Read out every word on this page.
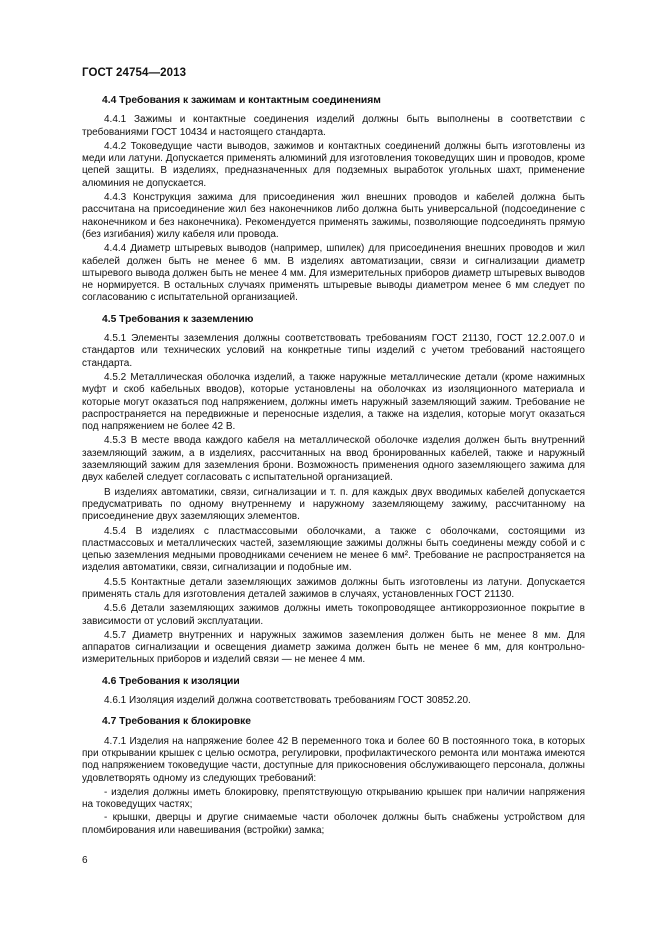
ГОСТ 24754—2013
4.4 Требования к зажимам и контактным соединениям
4.4.1 Зажимы и контактные соединения изделий должны быть выполнены в соответствии с требованиями ГОСТ 10434 и настоящего стандарта.
4.4.2 Токоведущие части выводов, зажимов и контактных соединений должны быть изготовлены из меди или латуни. Допускается применять алюминий для изготовления токоведущих шин и проводов, кроме цепей защиты. В изделиях, предназначенных для подземных выработок угольных шахт, применение алюминия не допускается.
4.4.3 Конструкция зажима для присоединения жил внешних проводов и кабелей должна быть рассчитана на присоединение жил без наконечников либо должна быть универсальной (подсоединение с наконечником и без наконечника). Рекомендуется применять зажимы, позволяющие подсоединять прямую (без изгибания) жилу кабеля или провода.
4.4.4 Диаметр штыревых выводов (например, шпилек) для присоединения внешних проводов и жил кабелей должен быть не менее 6 мм. В изделиях автоматизации, связи и сигнализации диаметр штыревого вывода должен быть не менее 4 мм. Для измерительных приборов диаметр штыревых выводов не нормируется. В остальных случаях применять штыревые выводы диаметром менее 6 мм следует по согласованию с испытательной организацией.
4.5 Требования к заземлению
4.5.1 Элементы заземления должны соответствовать требованиям ГОСТ 21130, ГОСТ 12.2.007.0 и стандартов или технических условий на конкретные типы изделий с учетом требований настоящего стандарта.
4.5.2 Металлическая оболочка изделий, а также наружные металлические детали (кроме нажимных муфт и скоб кабельных вводов), которые установлены на оболочках из изоляционного материала и которые могут оказаться под напряжением, должны иметь наружный заземляющий зажим. Требование не распространяется на передвижные и переносные изделия, а также на изделия, которые могут оказаться под напряжением не более 42 В.
4.5.3 В месте ввода каждого кабеля на металлической оболочке изделия должен быть внутренний заземляющий зажим, а в изделиях, рассчитанных на ввод бронированных кабелей, также и наружный заземляющий зажим для заземления брони. Возможность применения одного заземляющего зажима для двух кабелей следует согласовать с испытательной организацией.
В изделиях автоматики, связи, сигнализации и т. п. для каждых двух вводимых кабелей допускается предусматривать по одному внутреннему и наружному заземляющему зажиму, рассчитанному на присоединение двух заземляющих элементов.
4.5.4 В изделиях с пластмассовыми оболочками, а также с оболочками, состоящими из пластмассовых и металлических частей, заземляющие зажимы должны быть соединены между собой и с цепью заземления медными проводниками сечением не менее 6 мм². Требование не распространяется на изделия автоматики, связи, сигнализации и подобные им.
4.5.5 Контактные детали заземляющих зажимов должны быть изготовлены из латуни. Допускается применять сталь для изготовления деталей зажимов в случаях, установленных ГОСТ 21130.
4.5.6 Детали заземляющих зажимов должны иметь токопроводящее антикоррозионное покрытие в зависимости от условий эксплуатации.
4.5.7 Диаметр внутренних и наружных зажимов заземления должен быть не менее 8 мм. Для аппаратов сигнализации и освещения диаметр зажима должен быть не менее 6 мм, для контрольно-измерительных приборов и изделий связи — не менее 4 мм.
4.6 Требования к изоляции
4.6.1 Изоляция изделий должна соответствовать требованиям ГОСТ 30852.20.
4.7 Требования к блокировке
4.7.1 Изделия на напряжение более 42 В переменного тока и более 60 В постоянного тока, в которых при открывании крышек с целью осмотра, регулировки, профилактического ремонта или монтажа имеются под напряжением токоведущие части, доступные для прикосновения обслуживающего персонала, должны удовлетворять одному из следующих требований:
- изделия должны иметь блокировку, препятствующую открыванию крышек при наличии напряжения на токоведущих частях;
- крышки, дверцы и другие снимаемые части оболочек должны быть снабжены устройством для пломбирования или навешивания (встройки) замка;
6
